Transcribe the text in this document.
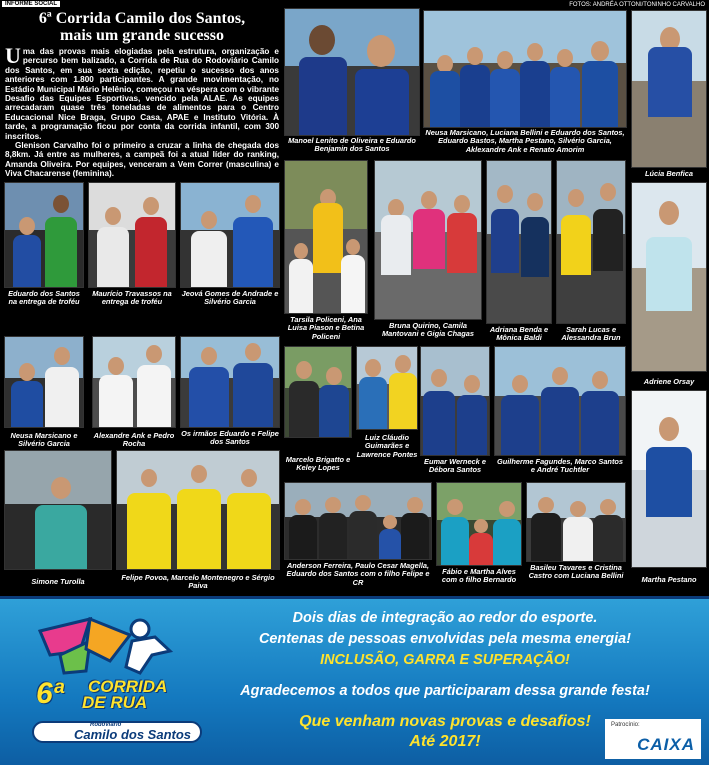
INFORME SOCIAL	FOTOS: ANDRÉA OTTONI/TONINHO CARVALHO
6ª Corrida Camilo dos Santos,
mais um grande sucesso
U ma das provas mais elogiadas pela estrutura, organização e percurso bem balizado, a Corrida de Rua do Rodoviário Camilo dos Santos, em sua sexta edição, repetiu o sucesso dos anos anteriores com 1.800 participantes. A grande movimentação, no Estádio Municipal Mário Helênio, começou na véspera com o vibrante Desafio das Equipes Esportivas, vencido pela ALAE. As equipes arrecadaram quase três toneladas de alimentos para o Centro Educacional Nice Braga, Grupo Casa, APAE e Instituto Vitória. À tarde, a programação ficou por conta da corrida infantil, com 300 inscritos.
Glenison Carvalho foi o primeiro a cruzar a linha de chegada dos 8,8km. Já entre as mulheres, a campeã foi a atual líder do ranking, Amanda Oliveira. Por equipes, venceram a Vem Correr (masculina) e Viva Chacarense (feminina).
Manoel Lenito de Oliveira e Eduardo Benjamin dos Santos
Neusa Marsicano, Luciana Bellini e Eduardo dos Santos, Eduardo Bastos, Martha Pestano, Silvério Garcia, Aklexandre Ank e Renato Amorim
Lúcia Benfica
Eduardo dos Santos na entrega de troféu
Maurício Travassos na entrega de troféu
Jeová Gomes de Andrade e Silvério Garcia
Tarsila Policeni, Ana Luisa Piason e Betina Policeni
Bruna Quirino, Camila Mantovani e Gigia Chagas	Adriana Benda e Mônica Baldi
Sarah Lucas e Alessandra Brun
Adriene Orsay
Neusa Marsicano e Silvério Garcia
Alexandre Ank e Pedro Rocha
Os irmãos Eduardo e Felipe dos Santos
Marcelo Brigatto e Keley Lopes
Luiz Cláudio Guimarães e Lawrence Pontes
Eumar Werneck e Débora Santos
Guilherme Fagundes, Marco Santos e André Tuchtler
Martha Pestano
Simone Turolla	Felipe Povoa, Marcelo Montenegro e Sérgio Paiva
Anderson Ferreira, Paulo Cesar Magella, Eduardo dos Santos com o filho Felipe e CR
Fábio e Martha Alves com o filho Bernardo
Basileu Tavares e Cristina Castro com Luciana Bellini
6ª CORRIDA
DE RUA
Rodoviário
Camilo dos Santos
Dois dias de integração ao redor do esporte.
Centenas de pessoas envolvidas pela mesma energia!
INCLUSÃO, GARRA E SUPERAÇÃO!
Agradecemos a todos que participaram dessa grande festa!
Que venham novas provas e desafios!
Até 2017!
Patrocínio:
CAIXA
